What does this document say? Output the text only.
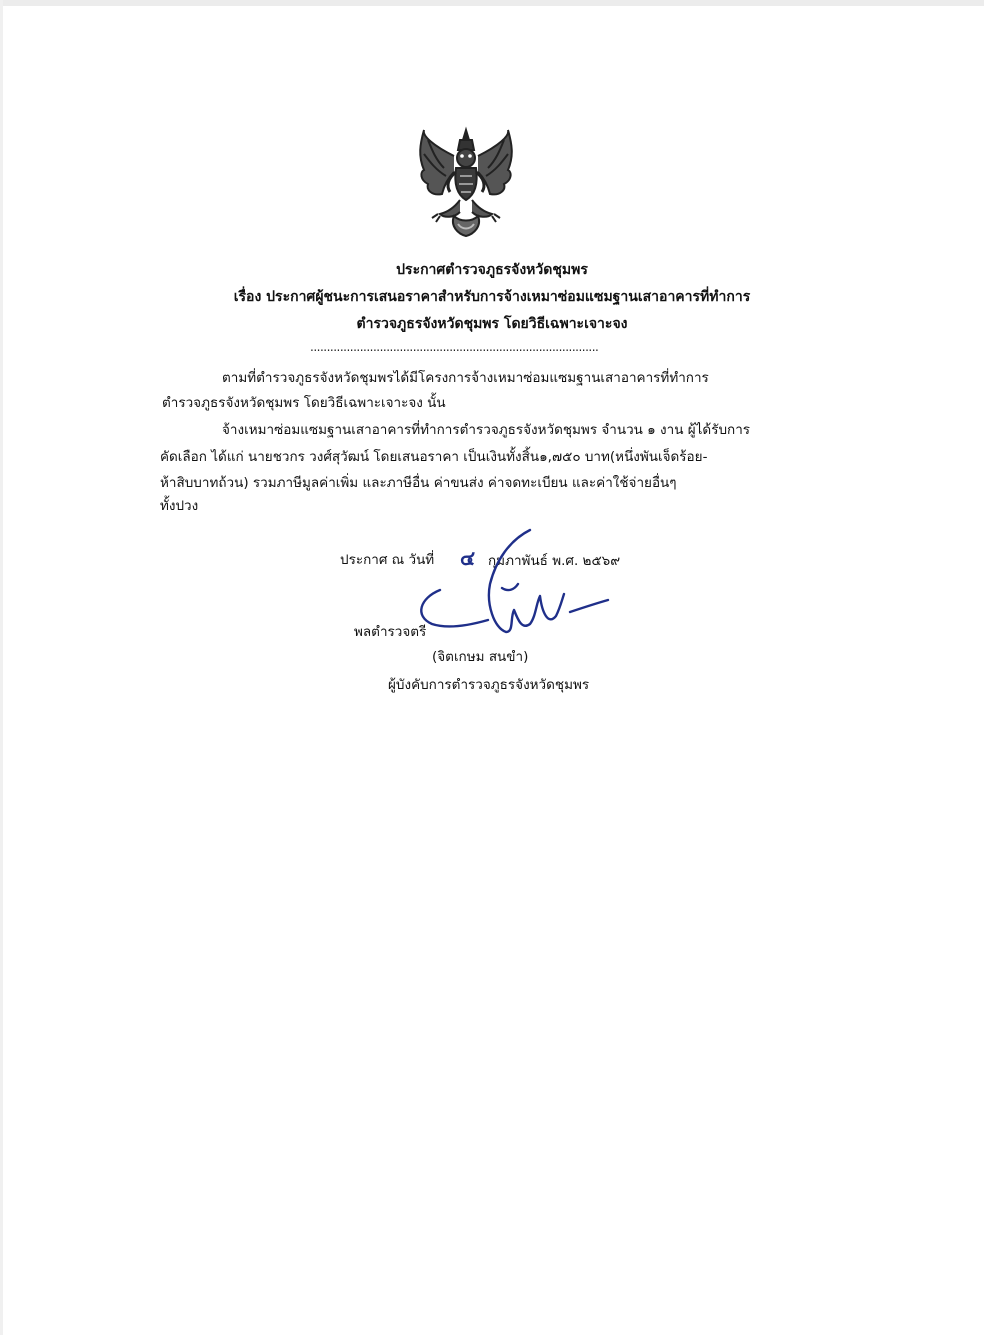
ประกาศตำรวจภูธรจังหวัดชุมพร
เรื่อง ประกาศผู้ชนะการเสนอราคาสำหรับการจ้างเหมาซ่อมแซมฐานเสาอาคารที่ทำการ
ตำรวจภูธรจังหวัดชุมพร โดยวิธีเฉพาะเจาะจง
.......................................................................................
ตามที่ตำรวจภูธรจังหวัดชุมพรได้มีโครงการจ้างเหมาซ่อมแซมฐานเสาอาคารที่ทำการ
ตำรวจภูธรจังหวัดชุมพร โดยวิธีเฉพาะเจาะจง นั้น
จ้างเหมาซ่อมแซมฐานเสาอาคารที่ทำการตำรวจภูธรจังหวัดชุมพร จำนวน ๑ งาน ผู้ได้รับการ
คัดเลือก ได้แก่ นายชวกร วงศ์สุวัฒน์ โดยเสนอราคา เป็นเงินทั้งสิ้น๑,๗๕๐ บาท(หนึ่งพันเจ็ดร้อย-
ห้าสิบบาทถ้วน) รวมภาษีมูลค่าเพิ่ม และภาษีอื่น ค่าขนส่ง ค่าจดทะเบียน และค่าใช้จ่ายอื่นๆ
ทั้งปวง
ประกาศ ณ วันที่ ๔ กุมภาพันธ์ พ.ศ. ๒๕๖๙
พลตำรวจตรี
(จิตเกษม สนขำ)
ผู้บังคับการตำรวจภูธรจังหวัดชุมพร
